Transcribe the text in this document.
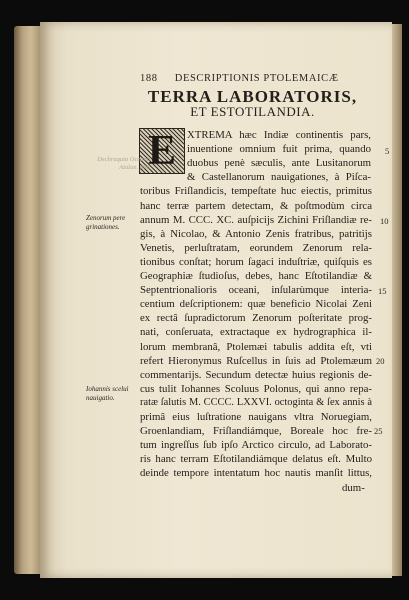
188 DESCRIPTIONIS PTOLEMAICÆ
TERRA LABORATORIS,
ET ESTOTILANDIA.
E
Dechraquia Oceano Atalan. fatt.
Zenorum pere grinationes.
Iohannis sceluì nauigatio.
5
10
15
20
25
XTREMA hæc Indiæ continentis pars,
inuentione omnium fuit prima, quando
duobus penè sæculis, ante Lusitanorum
& Castellanorum nauigationes, à Piſca-
toribus Friſlandicis, tempeſtate huc eiectis, primitus
hanc terræ partem detectam, & poſtmodùm circa
annum M. CCC. XC. auſpicijs Zichini Friſlandiæ re-
gis, à Nicolao, & Antonio Zenis fratribus, patritijs
Venetis, perluſtratam, eorundem Zenorum rela-
tionibus conſtat; horum ſagaci induſtriæ, quiſquis es
Geographiæ ſtudioſus, debes, hanc Eſtotilandiæ &
Septentrionalioris oceani, inſularùmque interia-
centium deſcriptionem: quæ beneficio Nicolai Zeni
ex rectâ ſupradictorum Zenorum poſteritate prog-
nati, conſeruata, extractaque ex hydrographica il-
lorum membranâ, Ptolemæi tabulis addita eſt, vti
refert Hieronymus Ruſcellus in ſuis ad Ptolemæum
commentarijs. Secundum detectæ huius regionis de-
cus tulit Iohannes Scoluus Polonus, qui anno repa-
ratæ ſalutis M. CCCC. LXXVI. octoginta & ſex annis à
primâ eius luſtratione nauigans vltra Noruegiam,
Groenlandiam, Friſlandiámque, Boreale hoc fre-
tum ingreſſus ſub ipſo Arctico circulo, ad Laborato-
ris hanc terram Eſtotilandiámque delatus eſt. Multo
deinde tempore intentatum hoc nautis manſit littus,
dum-
